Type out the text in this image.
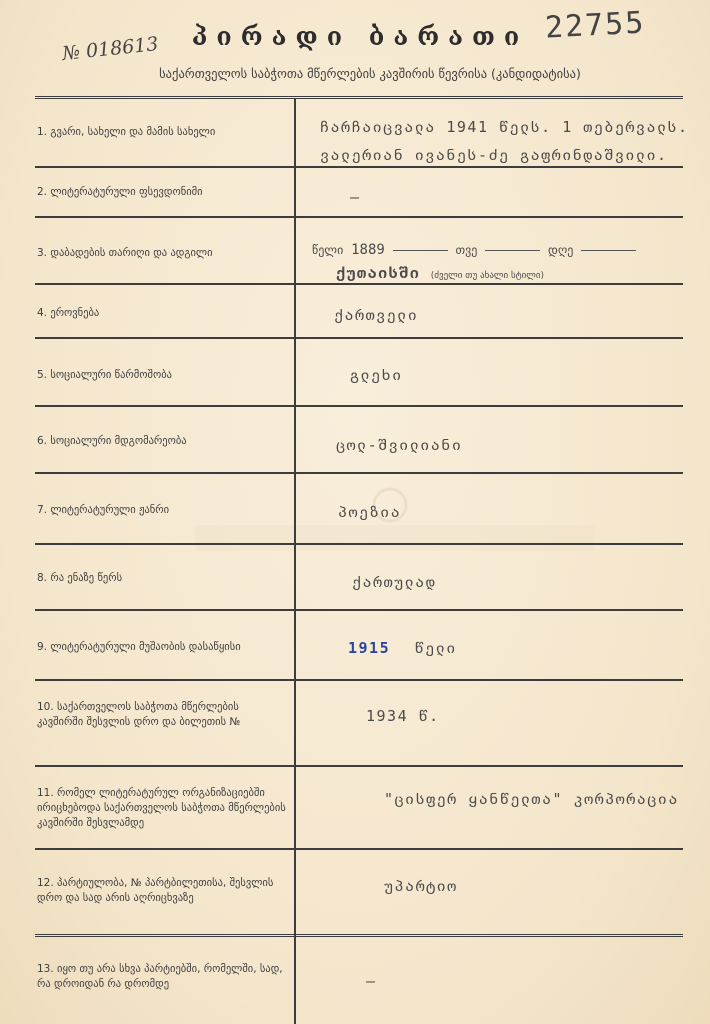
პირადი ბარათი
საქართველოს საბჭოთა მწერლების კავშირის წევრისა (კანდიდატისა)
22755
№ 018613
1. გვარი, სახელი და მამის სახელი
2. ლიტერატურული ფსევდონიმი
3. დაბადების თარიღი და ადგილი
4. ეროვნება
5. სოციალური წარმოშობა
6. სოციალური მდგომარეობა
7. ლიტერატურული ჟანრი
8. რა ენაზე წერს
9. ლიტერატურული მუშაობის დასაწყისი
10. საქართველოს საბჭოთა მწერლების კავშირში შესვლის დრო და ბილეთის №
11. რომელ ლიტერატურულ ორგანიზაციებში ირიცხებოდა საქართველოს საბჭოთა მწერლების კავშირში შესვლამდე
12. პარტიულობა, № პარტბილეთისა, შესვლის დრო და სად არის აღრიცხვაზე
13. იყო თუ არა სხვა პარტიებში, რომელში, სად, რა დროიდან რა დრომდე
ჩარჩაიცვალა 1941 წელს. 1 თებერვალს.
ვალერიან ივანეს-ძე გაფრინდაშვილი.
—
წელი 1889	თვე	დღე
ქუთაისში (ძველი თუ ახალი სტილი)
ქართველი
გლეხი
ცოლ-შვილიანი
პოეზია
ქართულად
1915 წელი
1934 წ.
"ცისფერ ყანწელთა" კორპორაცია
უპარტიო
—
